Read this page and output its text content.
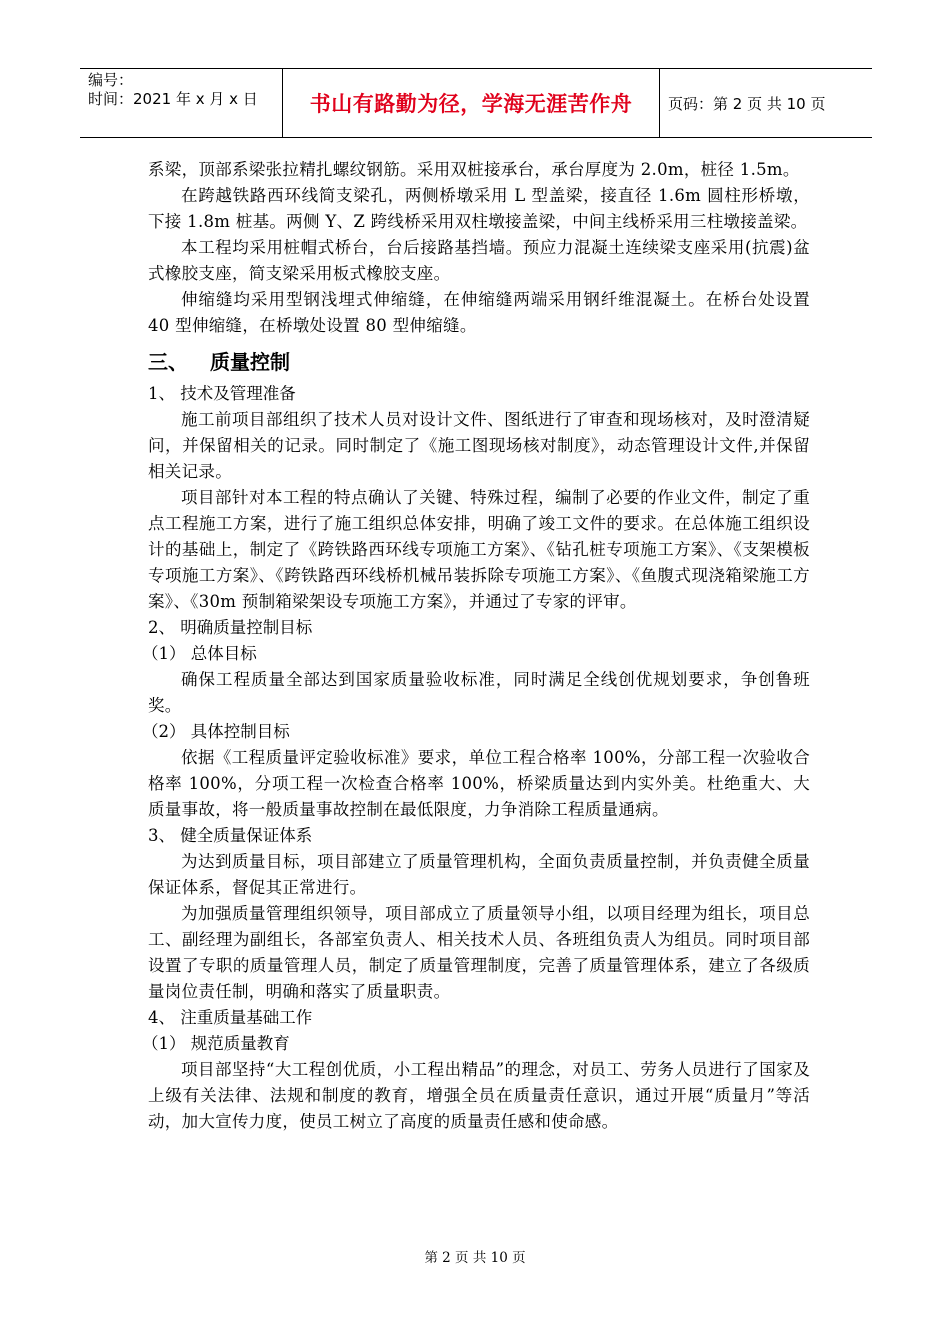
编号：
时间：2021 年 x 月 x 日	书山有路勤为径，学海无涯苦作舟	页码：第 2 页 共 10 页
系梁，顶部系梁张拉精扎螺纹钢筋。采用双桩接承台，承台厚度为 2.0m，桩径 1.5m。
在跨越铁路西环线简支梁孔，两侧桥墩采用 L 型盖梁，接直径 1.6m 圆柱形桥墩，下接 1.8m 桩基。两侧 Y、Z 跨线桥采用双柱墩接盖梁，中间主线桥采用三柱墩接盖梁。
本工程均采用桩帽式桥台，台后接路基挡墙。预应力混凝土连续梁支座采用(抗震)盆式橡胶支座，简支梁采用板式橡胶支座。
伸缩缝均采用型钢浅埋式伸缩缝，在伸缩缝两端采用钢纤维混凝土。在桥台处设置 40 型伸缩缝，在桥墩处设置 80 型伸缩缝。
三、 质量控制
1、 技术及管理准备
施工前项目部组织了技术人员对设计文件、图纸进行了审查和现场核对，及时澄清疑问，并保留相关的记录。同时制定了《施工图现场核对制度》，动态管理设计文件,并保留相关记录。
项目部针对本工程的特点确认了关键、特殊过程，编制了必要的作业文件，制定了重点工程施工方案，进行了施工组织总体安排，明确了竣工文件的要求。在总体施工组织设计的基础上，制定了《跨铁路西环线专项施工方案》、《钻孔桩专项施工方案》、《支架模板专项施工方案》、《跨铁路西环线桥机械吊装拆除专项施工方案》、《鱼腹式现浇箱梁施工方案》、《30m 预制箱梁架设专项施工方案》，并通过了专家的评审。
2、 明确质量控制目标
（1） 总体目标
确保工程质量全部达到国家质量验收标准，同时满足全线创优规划要求，争创鲁班奖。
（2） 具体控制目标
依据《工程质量评定验收标准》要求，单位工程合格率 100%，分部工程一次验收合格率 100%，分项工程一次检查合格率 100%，桥梁质量达到内实外美。杜绝重大、大质量事故，将一般质量事故控制在最低限度，力争消除工程质量通病。
3、 健全质量保证体系
为达到质量目标，项目部建立了质量管理机构，全面负责质量控制，并负责健全质量保证体系，督促其正常进行。
为加强质量管理组织领导，项目部成立了质量领导小组，以项目经理为组长，项目总工、副经理为副组长，各部室负责人、相关技术人员、各班组负责人为组员。同时项目部设置了专职的质量管理人员，制定了质量管理制度，完善了质量管理体系，建立了各级质量岗位责任制，明确和落实了质量职责。
4、 注重质量基础工作
（1） 规范质量教育
项目部坚持“大工程创优质，小工程出精品”的理念，对员工、劳务人员进行了国家及上级有关法律、法规和制度的教育，增强全员在质量责任意识，通过开展“质量月”等活动，加大宣传力度，使员工树立了高度的质量责任感和使命感。
第 2 页 共 10 页
